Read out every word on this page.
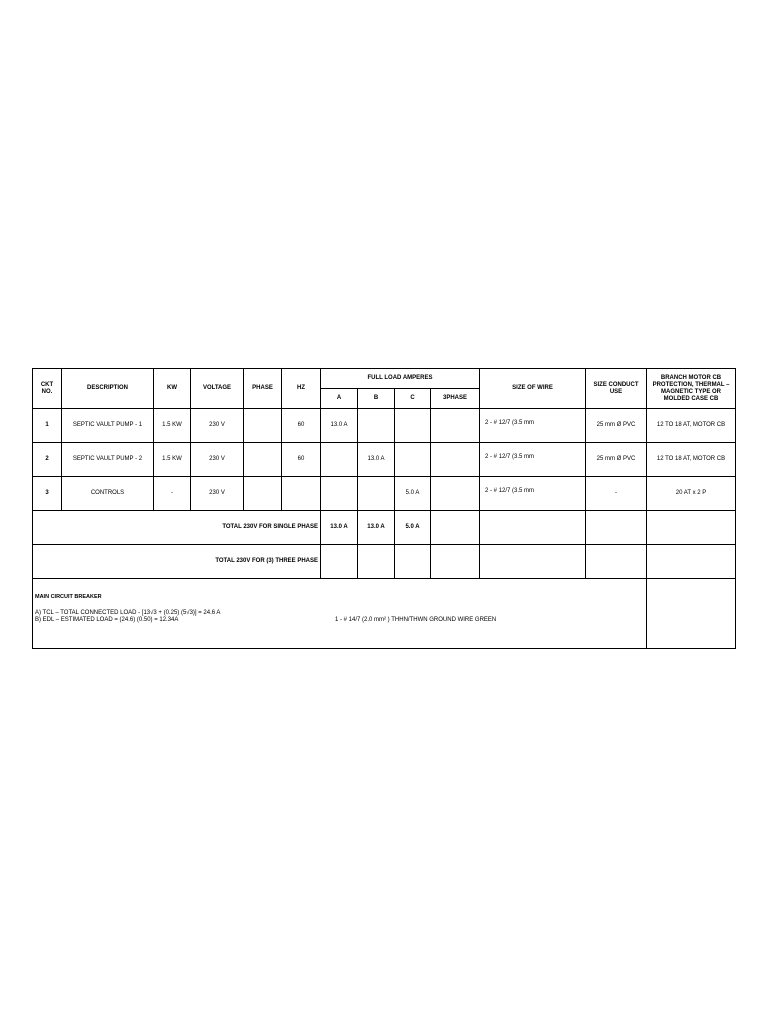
CKT NO.	DESCRIPTION	KW	VOLTAGE	PHASE	HZ	FULL LOAD AMPERES				SIZE OF WIRE	SIZE CONDUCT USE	BRANCH MOTOR CB PROTECTION, THERMAL – MAGNETIC TYPE OR MOLDED CASE CB
						A	B	C	3PHASE			
1	SEPTIC VAULT PUMP - 1	1.5 KW	230 V		60	13.0 A				2 - # 12/7 (3.5 mm	25 mm Ø PVC	12 TO 18 AT, MOTOR CB
2	SEPTIC VAULT PUMP - 2	1.5 KW	230 V		60		13.0 A			2 - # 12/7 (3.5 mm	25 mm Ø PVC	12 TO 18 AT, MOTOR CB
3	CONTROLS	-	230 V					5.0 A		2 - # 12/7 (3.5 mm	-	20 AT x 2 P
TOTAL 230V FOR SINGLE PHASE						13.0 A	13.0 A	5.0 A				
TOTAL 230V FOR (3) THREE PHASE												

MAIN CIRCUIT BREAKER
A) TCL – TOTAL CONNECTED LOAD - [13√3 + (0.25) (5√3)] = 24.6 A
B) EDL – ESTIMATED LOAD = (24.6) (0.50) = 12.34A 1 - # 14/7 (2.0 mm² ) THHN/THWN GROUND WIRE GREEN												
